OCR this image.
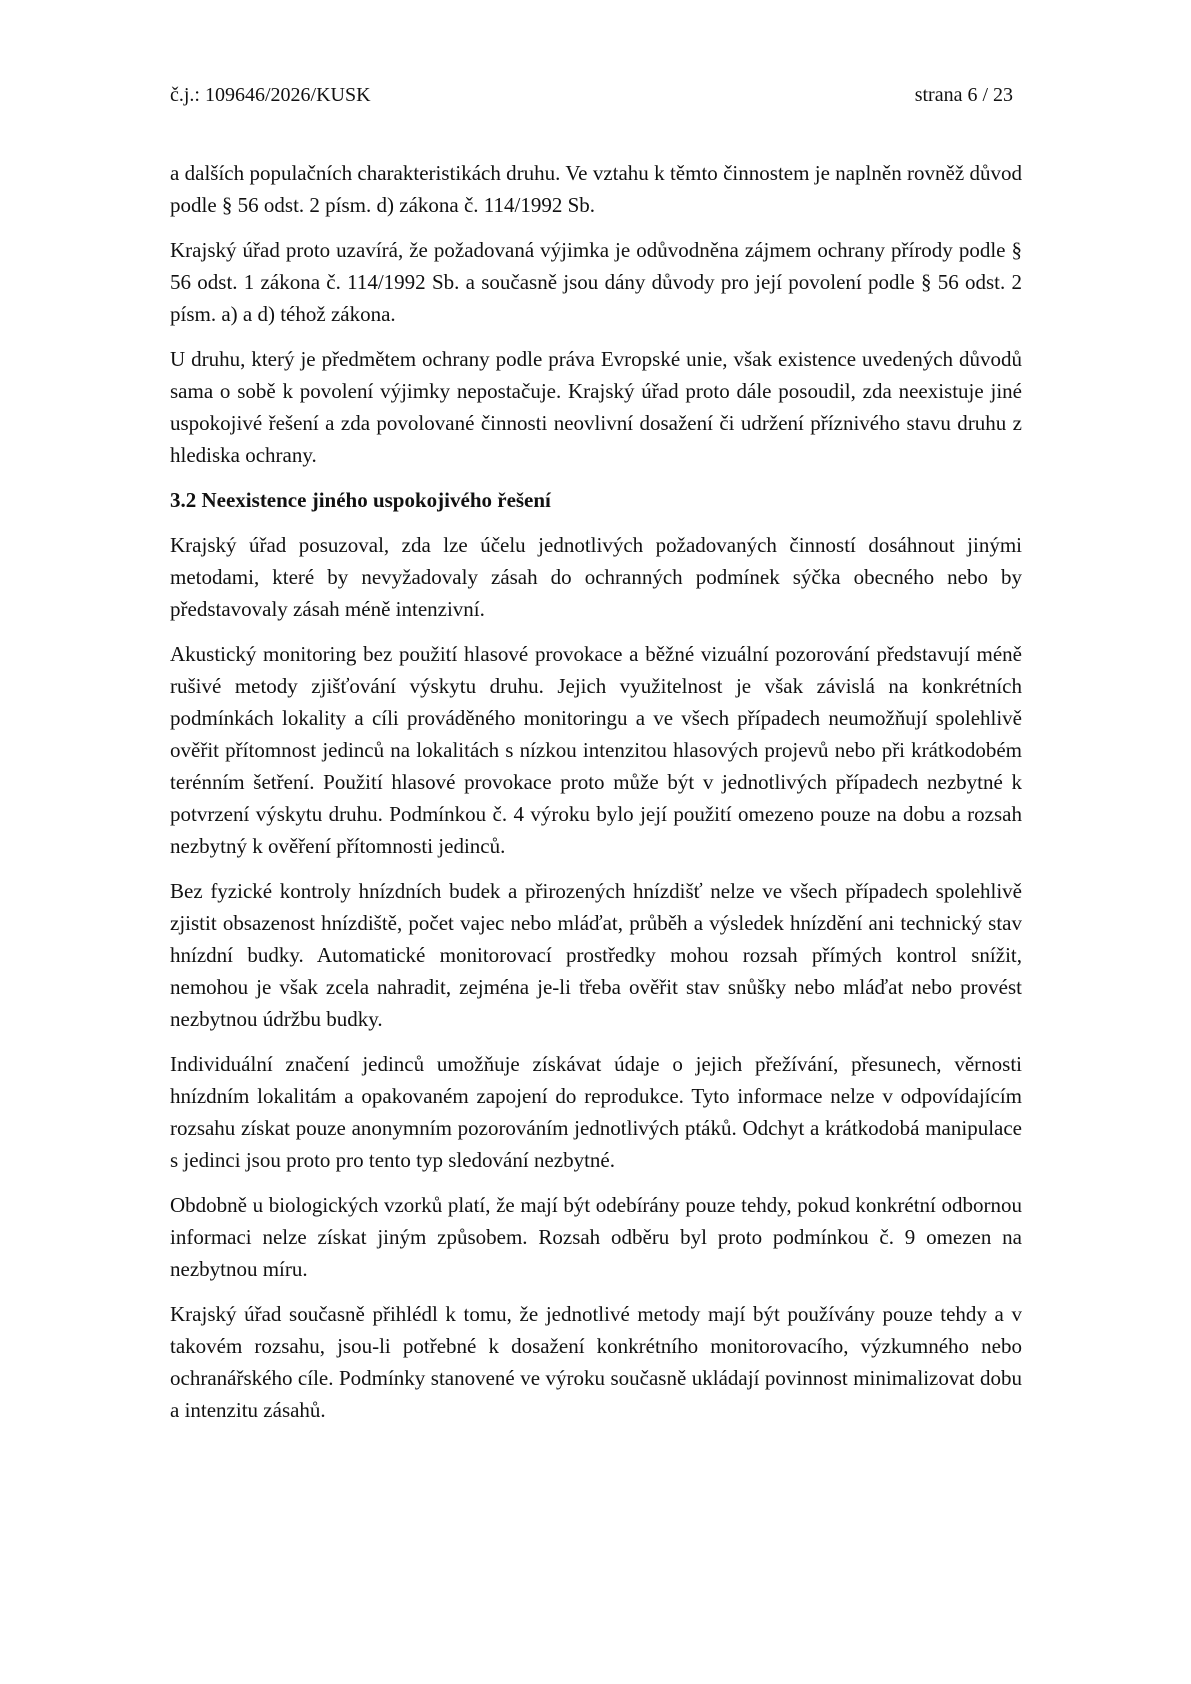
č.j.: 109646/2026/KUSK	strana 6 / 23

a dalších populačních charakteristikách druhu. Ve vztahu k těmto činnostem je naplněn rovněž důvod podle § 56 odst. 2 písm. d) zákona č. 114/1992 Sb.

Krajský úřad proto uzavírá, že požadovaná výjimka je odůvodněna zájmem ochrany přírody podle § 56 odst. 1 zákona č. 114/1992 Sb. a současně jsou dány důvody pro její povolení podle § 56 odst. 2 písm. a) a d) téhož zákona.

U druhu, který je předmětem ochrany podle práva Evropské unie, však existence uvedených důvodů sama o sobě k povolení výjimky nepostačuje. Krajský úřad proto dále posoudil, zda neexistuje jiné uspokojivé řešení a zda povolované činnosti neovlivní dosažení či udržení příznivého stavu druhu z hlediska ochrany.

3.2 Neexistence jiného uspokojivého řešení

Krajský úřad posuzoval, zda lze účelu jednotlivých požadovaných činností dosáhnout jinými metodami, které by nevyžadovaly zásah do ochranných podmínek sýčka obecného nebo by představovaly zásah méně intenzivní.

Akustický monitoring bez použití hlasové provokace a běžné vizuální pozorování představují méně rušivé metody zjišťování výskytu druhu. Jejich využitelnost je však závislá na konkrétních podmínkách lokality a cíli prováděného monitoringu a ve všech případech neumožňují spolehlivě ověřit přítomnost jedinců na lokalitách s nízkou intenzitou hlasových projevů nebo při krátkodobém terénním šetření. Použití hlasové provokace proto může být v jednotlivých případech nezbytné k potvrzení výskytu druhu. Podmínkou č. 4 výroku bylo její použití omezeno pouze na dobu a rozsah nezbytný k ověření přítomnosti jedinců.

Bez fyzické kontroly hnízdních budek a přirozených hnízdišť nelze ve všech případech spolehlivě zjistit obsazenost hnízdiště, počet vajec nebo mláďat, průběh a výsledek hnízdění ani technický stav hnízdní budky. Automatické monitorovací prostředky mohou rozsah přímých kontrol snížit, nemohou je však zcela nahradit, zejména je-li třeba ověřit stav snůšky nebo mláďat nebo provést nezbytnou údržbu budky.

Individuální značení jedinců umožňuje získávat údaje o jejich přežívání, přesunech, věrnosti hnízdním lokalitám a opakovaném zapojení do reprodukce. Tyto informace nelze v odpovídajícím rozsahu získat pouze anonymním pozorováním jednotlivých ptáků. Odchyt a krátkodobá manipulace s jedinci jsou proto pro tento typ sledování nezbytné.

Obdobně u biologických vzorků platí, že mají být odebírány pouze tehdy, pokud konkrétní odbornou informaci nelze získat jiným způsobem. Rozsah odběru byl proto podmínkou č. 9 omezen na nezbytnou míru.

Krajský úřad současně přihlédl k tomu, že jednotlivé metody mají být používány pouze tehdy a v takovém rozsahu, jsou-li potřebné k dosažení konkrétního monitorovacího, výzkumného nebo ochranářského cíle. Podmínky stanovené ve výroku současně ukládají povinnost minimalizovat dobu a intenzitu zásahů.
